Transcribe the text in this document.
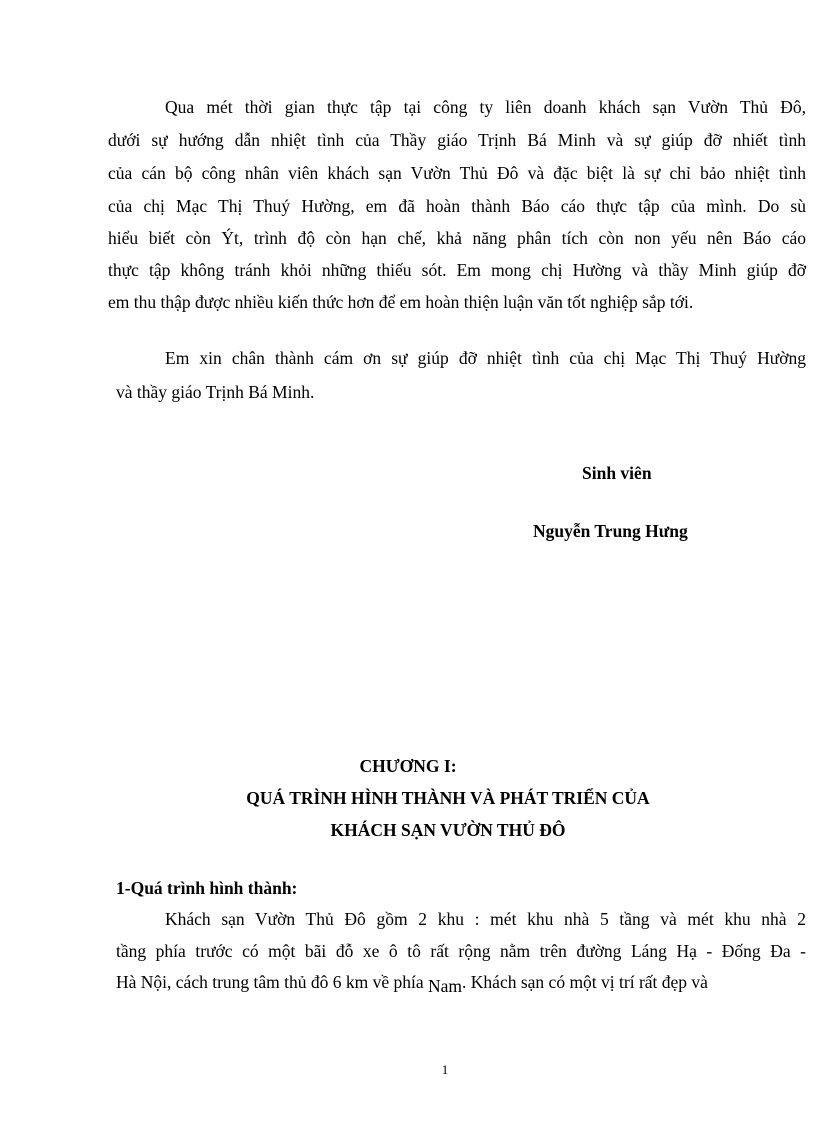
Qua mét thời gian thực tập tại công ty liên doanh khách sạn Vườn Thủ Đô,
dưới sự hướng dẫn nhiệt tình của Thầy giáo Trịnh Bá Minh và sự giúp đỡ nhiết tình
của cán bộ công nhân viên khách sạn Vườn Thủ Đô và đặc biệt là sự chỉ bảo nhiệt tình
của chị Mạc Thị Thuý Hường, em đã hoàn thành Báo cáo thực tập của mình. Do sù
hiểu biết còn Ýt, trình độ còn hạn chế, khả năng phân tích còn non yếu nên Báo cáo
thực tập không tránh khỏi những thiếu sót. Em mong chị Hường và thầy Minh giúp đỡ
em thu thập được nhiều kiến thức hơn để em hoàn thiện luận văn tốt nghiệp sắp tới.
Em xin chân thành cám ơn sự giúp đỡ nhiệt tình của chị Mạc Thị Thuý Hường
và thầy giáo Trịnh Bá Minh.
Sinh viên
Nguyễn Trung Hưng
CHƯƠNG I:
QUÁ TRÌNH HÌNH THÀNH VÀ PHÁT TRIỂN CỦA
KHÁCH SẠN VƯỜN THỦ ĐÔ
1-Quá trình hình thành:
Khách sạn Vườn Thủ Đô gồm 2 khu : mét khu nhà 5 tầng và mét khu nhà 2
tầng phía trước có một bãi đỗ xe ô tô rất rộng nằm trên đường Láng Hạ - Đống Đa -
Hà Nội, cách trung tâm thủ đô 6 km về phía Nam. Khách sạn có một vị trí rất đẹp và
1
